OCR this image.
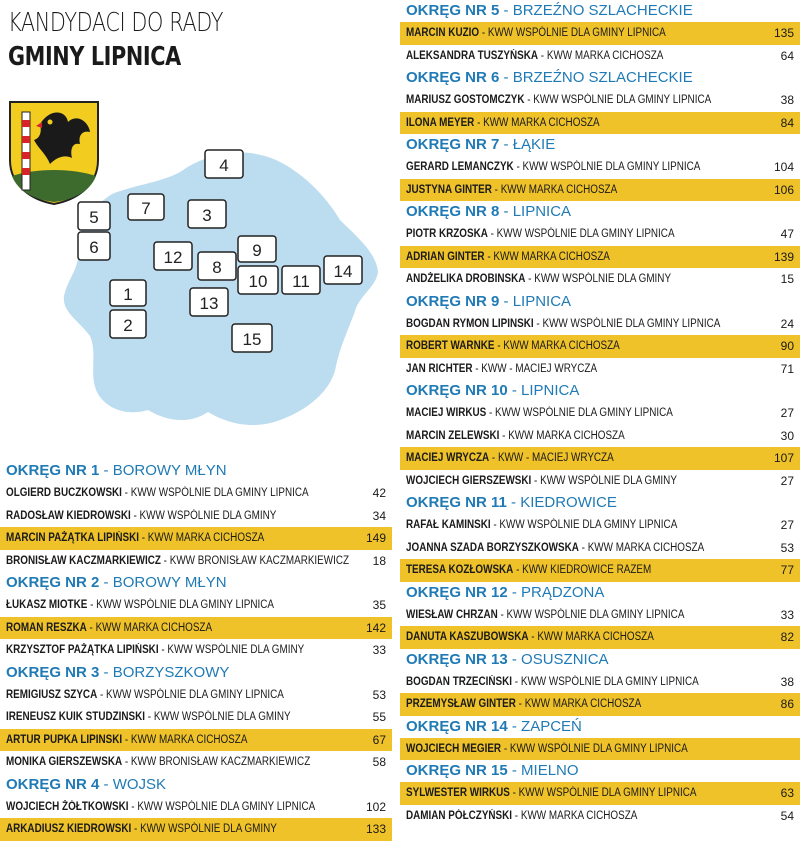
KANDYDACI DO RADY
GMINY LIPNICA
4
5	7	3
6
12	9
8
10 11
14
1	13
2
15
OKRĘG NR 1 - BOROWY MŁYN
OLGIERD BUCZKOWSKI - KWW WSPÓLNIE DLA GMINY LIPNICA	42
RADOSŁAW KIEDROWSKI - KWW WSPÓLNIE DLA GMINY	34
MARCIN PAŻĄTKA LIPIŃSKI - KWW MARKA CICHOSZA	149
BRONISŁAW KACZMARKIEWICZ - KWW BRONISŁAW KACZMARKIEWICZ 18
OKRĘG NR 2 - BOROWY MŁYN
ŁUKASZ MIOTKE - KWW WSPÓLNIE DLA GMINY LIPNICA	35
ROMAN RESZKA - KWW MARKA CICHOSZA	142
KRZYSZTOF PAŻĄTKA LIPIŃSKI - KWW WSPÓLNIE DLA GMINY	33
OKRĘG NR 3 - BORZYSZKOWY
REMIGIUSZ SZYCA - KWW WSPÓLNIE DLA GMINY LIPNICA	53
IRENEUSZ KUIK STUDZINSKI - KWW WSPÓLNIE DLA GMINY	55
ARTUR PUPKA LIPINSKI - KWW MARKA CICHOSZA	67
MONIKA GIERSZEWSKA - KWW BRONISŁAW KACZMARKIEWICZ	58
OKRĘG NR 4 - WOJSK
WOJCIECH ŻÓŁTKOWSKI - KWW WSPÓLNIE DLA GMINY LIPNICA	102
ARKADIUSZ KIEDROWSKI - KWW WSPÓLNIE DLA GMINY	133
OKRĘG NR 5 - BRZEŹNO SZLACHECKIE
MARCIN KUZIO - KWW WSPÓLNIE DLA GMINY LIPNICA	135
ALEKSANDRA TUSZYŃSKA - KWW MARKA CICHOSZA	64
OKRĘG NR 6 - BRZEŹNO SZLACHECKIE
MARIUSZ GOSTOMCZYK - KWW WSPÓLNIE DLA GMINY LIPNICA	38
ILONA MEYER - KWW MARKA CICHOSZA	84
OKRĘG NR 7 - ŁĄKIE
GERARD LEMANCZYK - KWW WSPÓLNIE DLA GMINY LIPNICA	104
JUSTYNA GINTER - KWW MARKA CICHOSZA	106
OKRĘG NR 8 - LIPNICA
PIOTR KRZOSKA - KWW WSPÓLNIE DLA GMINY LIPNICA	47
ADRIAN GINTER - KWW MARKA CICHOSZA	139
ANDŻELIKA DROBINSKA - KWW WSPÓLNIE DLA GMINY	15
OKRĘG NR 9 - LIPNICA
BOGDAN RYMON LIPINSKI - KWW WSPÓLNIE DLA GMINY LIPNICA	24
ROBERT WARNKE - KWW MARKA CICHOSZA	90
JAN RICHTER - KWW - MACIEJ WRYCZA	71
OKRĘG NR 10 - LIPNICA
MACIEJ WIRKUS - KWW WSPÓLNIE DLA GMINY LIPNICA	27
MARCIN ZELEWSKI - KWW MARKA CICHOSZA	30
MACIEJ WRYCZA - KWW - MACIEJ WRYCZA	107
WOJCIECH GIERSZEWSKI - KWW WSPÓLNIE DLA GMINY	27
OKRĘG NR 11 - KIEDROWICE
RAFAŁ KAMINSKI - KWW WSPÓLNIE DLA GMINY LIPNICA	27
JOANNA SZADA BORZYSZKOWSKA - KWW MARKA CICHOSZA	53
TERESA KOZŁOWSKA - KWW KIEDROWICE RAZEM	77
OKRĘG NR 12 - PRĄDZONA
WIESŁAW CHRZAN - KWW WSPÓLNIE DLA GMINY LIPNICA	33
DANUTA KASZUBOWSKA - KWW MARKA CICHOSZA	82
OKRĘG NR 13 - OSUSZNICA
BOGDAN TRZECIŃSKI - KWW WSPÓLNIE DLA GMINY LIPNICA	38
PRZEMYSŁAW GINTER - KWW MARKA CICHOSZA	86
OKRĘG NR 14 - ZAPCEŃ
WOJCIECH MEGIER - KWW WSPÓLNIE DLA GMINY LIPNICA
OKRĘG NR 15 - MIELNO
SYLWESTER WIRKUS - KWW WSPÓLNIE DLA GMINY LIPNICA	63
DAMIAN PÓŁCZYŃSKI - KWW MARKA CICHOSZA	54
